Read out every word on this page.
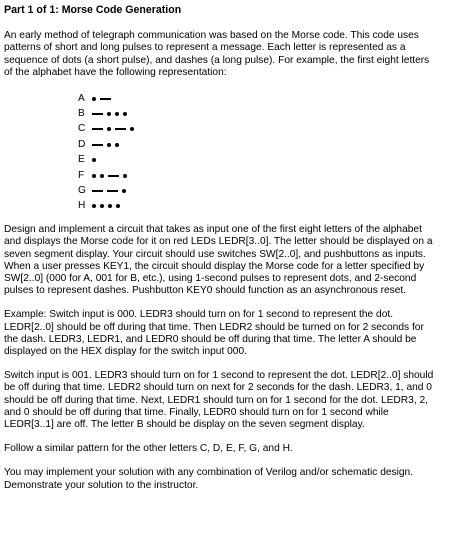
Part 1 of 1: Morse Code Generation

An early method of telegraph communication was based on the Morse code. This code uses

patterns of short and long pulses to represent a message. Each letter is represented as a

sequence of dots (a short pulse), and dashes (a long pulse). For example, the first eight letters

of the alphabet have the following representation:

A
B
C
D
E
F
G
H

Design and implement a circuit that takes as input one of the first eight letters of the alphabet

and displays the Morse code for it on red LEDs LEDR[3..0]. The letter should be displayed on a

seven segment display. Your circuit should use switches SW[2..0], and pushbuttons as inputs.

When a user presses KEY1, the circuit should display the Morse code for a letter specified by

SW[2..0] (000 for A, 001 for B, etc.), using 1-second pulses to represent dots, and 2-second

pulses to represent dashes. Pushbutton KEY0 should function as an asynchronous reset.

Example: Switch input is 000. LEDR3 should turn on for 1 second to represent the dot.

LEDR[2..0] should be off during that time. Then LEDR2 should be turned on for 2 seconds for

the dash. LEDR3, LEDR1, and LEDR0 should be off during that time. The letter A should be

displayed on the HEX display for the switch input 000.

Switch input is 001. LEDR3 should turn on for 1 second to represent the dot. LEDR[2..0] should

be off during that time. LEDR2 should turn on next for 2 seconds for the dash. LEDR3, 1, and 0

should be off during that time. Next, LEDR1 should turn on for 1 second for the dot. LEDR3, 2,

and 0 should be off during that time. Finally, LEDR0 should turn on for 1 second while

LEDR[3..1] are off. The letter B should be display on the seven segment display.

Follow a similar pattern for the other letters C, D, E, F, G, and H.

You may implement your solution with any combination of Verilog and/or schematic design.

Demonstrate your solution to the instructor.
